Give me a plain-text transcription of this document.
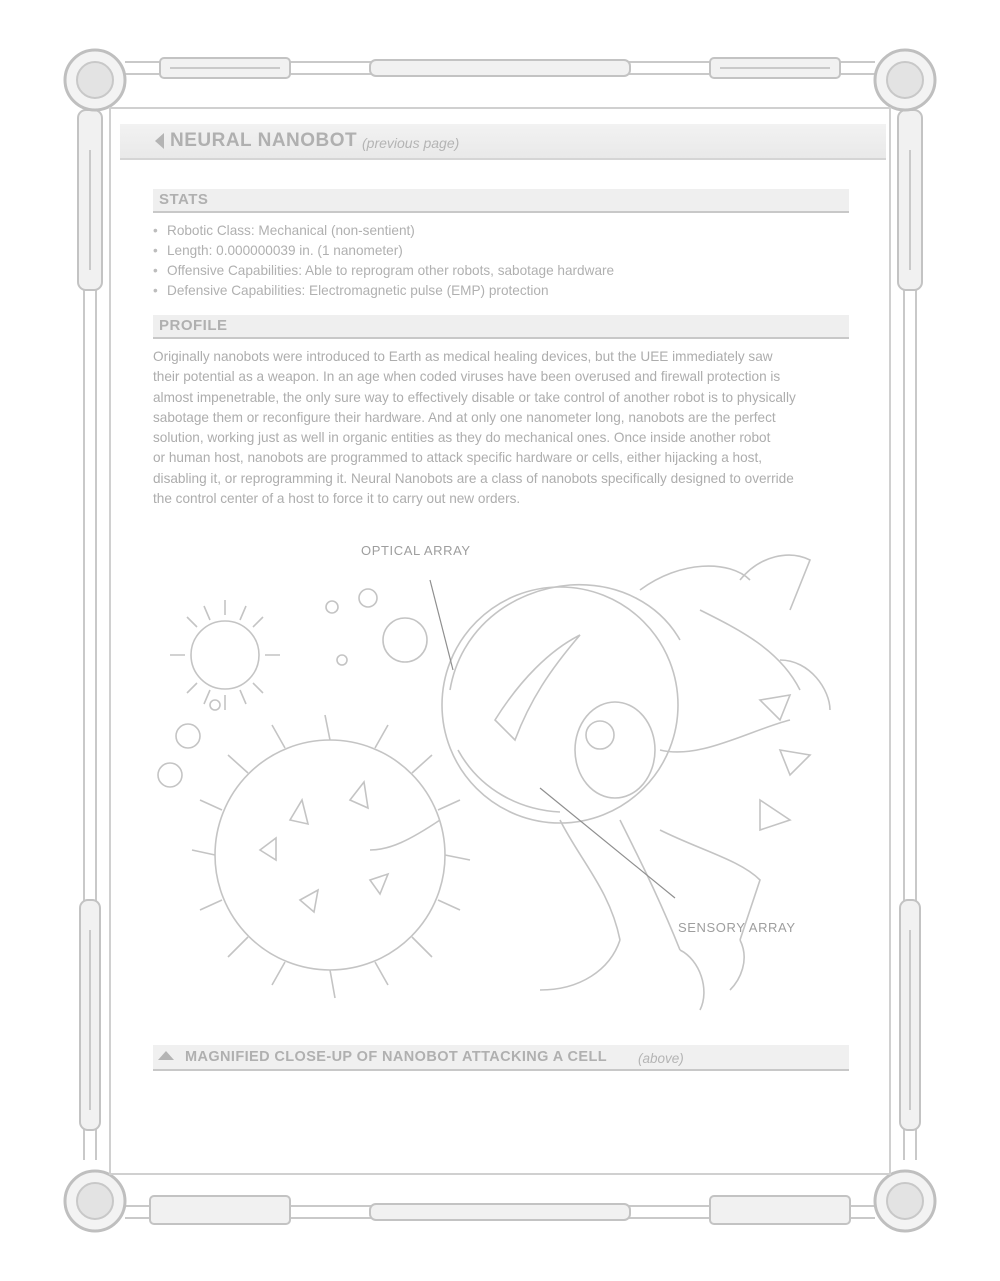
NEURAL NANOBOT (previous page)
STATS
• Robotic Class: Mechanical (non-sentient)
• Length: 0.000000039 in. (1 nanometer)
• Offensive Capabilities: Able to reprogram other robots, sabotage hardware
• Defensive Capabilities: Electromagnetic pulse (EMP) protection
PROFILE
Originally nanobots were introduced to Earth as medical healing devices, but the UEE immediately saw
their potential as a weapon. In an age when coded viruses have been overused and firewall protection is
almost impenetrable, the only sure way to effectively disable or take control of another robot is to physically
sabotage them or reconfigure their hardware. And at only one nanometer long, nanobots are the perfect
solution, working just as well in organic entities as they do mechanical ones. Once inside another robot
or human host, nanobots are programmed to attack specific hardware or cells, either hijacking a host,
disabling it, or reprogramming it. Neural Nanobots are a class of nanobots specifically designed to override
the control center of a host to force it to carry out new orders.
OPTICAL ARRAY
SENSORY ARRAY
MAGNIFIED CLOSE-UP OF NANOBOT ATTACKING A CELL (above)
